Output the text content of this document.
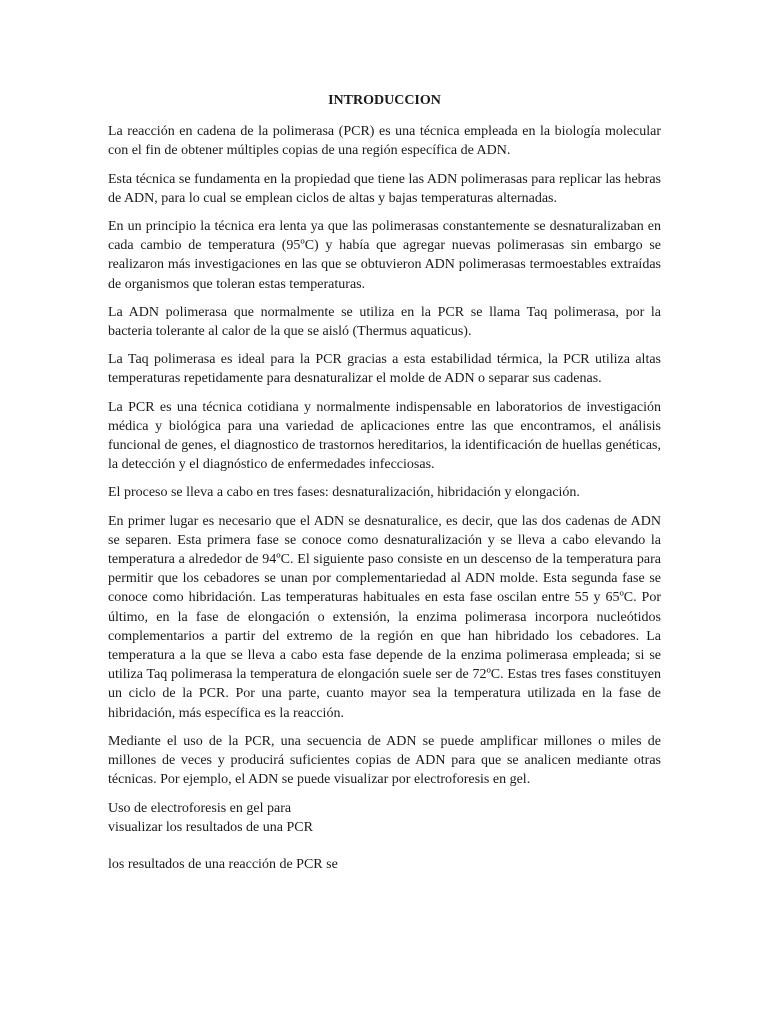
INTRODUCCION

La reacción en cadena de la polimerasa (PCR) es una técnica empleada en la biología molecular con el fin de obtener múltiples copias de una región específica de ADN.

Esta técnica se fundamenta en la propiedad que tiene las ADN polimerasas para replicar las hebras de ADN, para lo cual se emplean ciclos de altas y bajas temperaturas alternadas.

En un principio la técnica era lenta ya que las polimerasas constantemente se desnaturalizaban en cada cambio de temperatura (95ºC) y había que agregar nuevas polimerasas sin embargo se realizaron más investigaciones en las que se obtuvieron ADN polimerasas termoestables extraídas de organismos que toleran estas temperaturas.

La ADN polimerasa que normalmente se utiliza en la PCR se llama Taq polimerasa, por la bacteria tolerante al calor de la que se aisló (Thermus aquaticus).

La Taq polimerasa es ideal para la PCR gracias a esta estabilidad térmica, la PCR utiliza altas temperaturas repetidamente para desnaturalizar el molde de ADN o separar sus cadenas.

La PCR es una técnica cotidiana y normalmente indispensable en laboratorios de investigación médica y biológica para una variedad de aplicaciones entre las que encontramos, el análisis funcional de genes, el diagnostico de trastornos hereditarios, la identificación de huellas genéticas, la detección y el diagnóstico de enfermedades infecciosas.

El proceso se lleva a cabo en tres fases: desnaturalización, hibridación y elongación.

En primer lugar es necesario que el ADN se desnaturalice, es decir, que las dos cadenas de ADN se separen. Esta primera fase se conoce como desnaturalización y se lleva a cabo elevando la temperatura a alrededor de 94ºC. El siguiente paso consiste en un descenso de la temperatura para permitir que los cebadores se unan por complementariedad al ADN molde. Esta segunda fase se conoce como hibridación. Las temperaturas habituales en esta fase oscilan entre 55 y 65ºC. Por último, en la fase de elongación o extensión, la enzima polimerasa incorpora nucleótidos complementarios a partir del extremo de la región en que han hibridado los cebadores. La temperatura a la que se lleva a cabo esta fase depende de la enzima polimerasa empleada; si se utiliza Taq polimerasa la temperatura de elongación suele ser de 72ºC. Estas tres fases constituyen un ciclo de la PCR. Por una parte, cuanto mayor sea la temperatura utilizada en la fase de hibridación, más específica es la reacción.

Mediante el uso de la PCR, una secuencia de ADN se puede amplificar millones o miles de millones de veces y producirá suficientes copias de ADN para que se analicen mediante otras técnicas. Por ejemplo, el ADN se puede visualizar por electroforesis en gel.

Uso de electroforesis en gel para

visualizar los resultados de una PCR

los resultados de una reacción de PCR se
